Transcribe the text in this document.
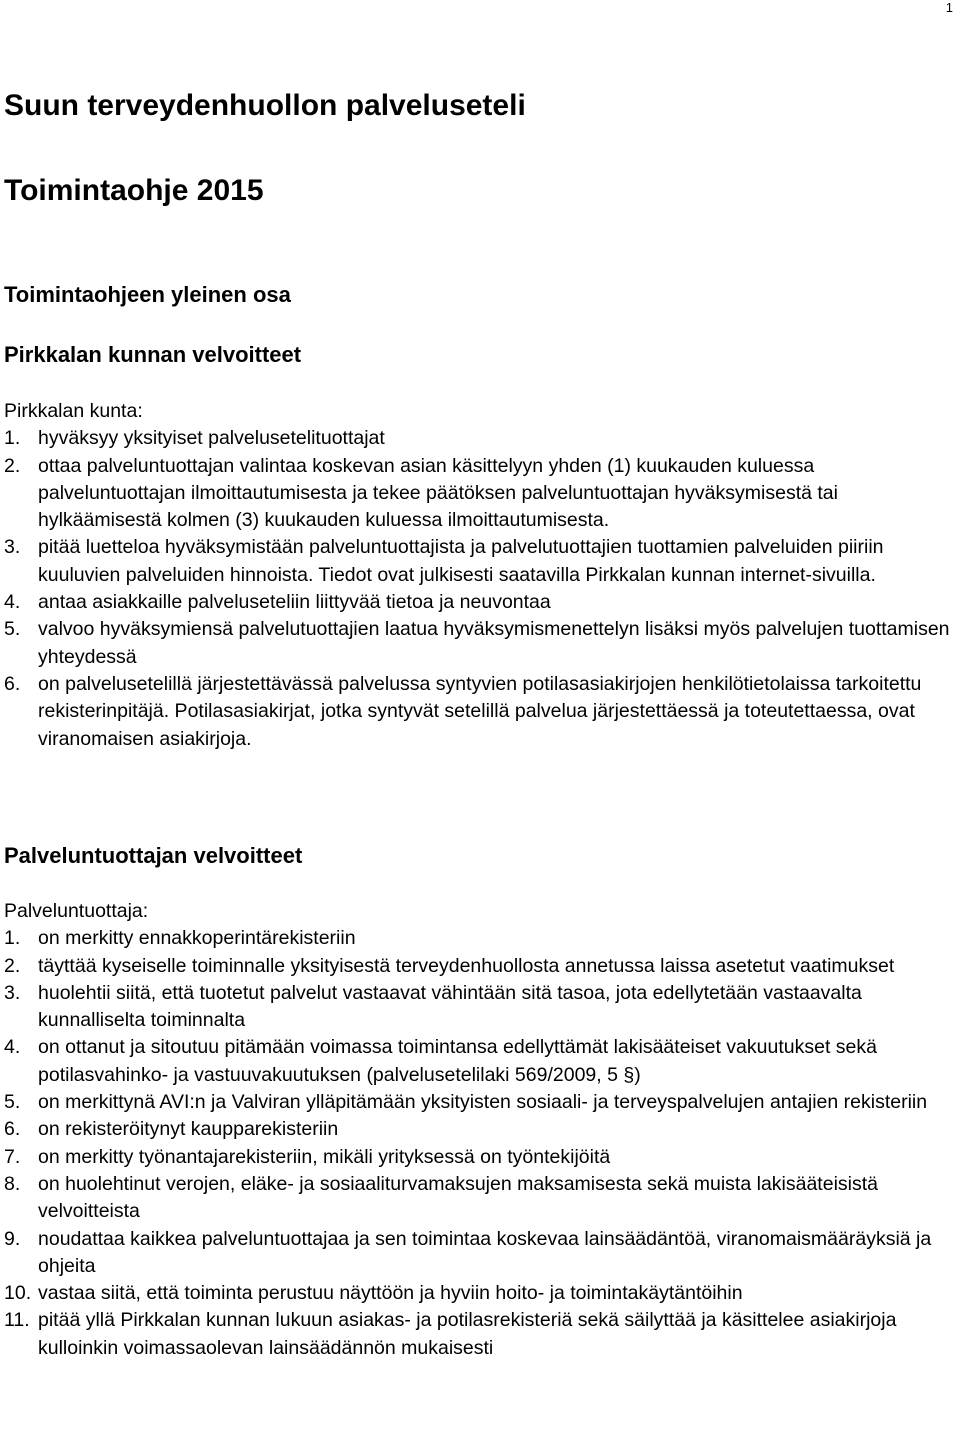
1
Suun terveydenhuollon palveluseteli
Toimintaohje 2015
Toimintaohjeen yleinen osa
Pirkkalan kunnan velvoitteet

Pirkkalan kunta:

1. hyväksyy yksityiset palvelusetelituottajat
2. ottaa palveluntuottajan valintaa koskevan asian käsittelyyn yhden (1) kuukauden kuluessa palveluntuottajan ilmoittautumisesta ja tekee päätöksen palveluntuottajan hyväksymisestä tai hylkäämisestä kolmen (3) kuukauden kuluessa ilmoittautumisesta.
3. pitää luetteloa hyväksymistään palveluntuottajista ja palvelutuottajien tuottamien palveluiden piiriin kuuluvien palveluiden hinnoista. Tiedot ovat julkisesti saatavilla Pirkkalan kunnan internet-sivuilla.
4. antaa asiakkaille palveluseteliin liittyvää tietoa ja neuvontaa
5. valvoo hyväksymiensä palvelutuottajien laatua hyväksymismenettelyn lisäksi myös palvelujen tuottamisen yhteydessä
6. on palvelusetelillä järjestettävässä palvelussa syntyvien potilasasiakirjojen henkilötietolaissa tarkoitettu rekisterinpitäjä. Potilasasiakirjat, jotka syntyvät setelillä palvelua järjestettäessä ja toteutettaessa, ovat viranomaisen asiakirjoja.
Palveluntuottajan velvoitteet

Palveluntuottaja:

1. on merkitty ennakkoperintärekisteriin
2. täyttää kyseiselle toiminnalle yksityisestä terveydenhuollosta annetussa laissa asetetut vaatimukset
3. huolehtii siitä, että tuotetut palvelut vastaavat vähintään sitä tasoa, jota edellytetään vastaavalta kunnalliselta toiminnalta
4. on ottanut ja sitoutuu pitämään voimassa toimintansa edellyttämät lakisääteiset vakuutukset sekä potilasvahinko- ja vastuuvakuutuksen (palvelusetelilaki 569/2009, 5 §)
5. on merkittynä AVI:n ja Valviran ylläpitämään yksityisten sosiaali- ja terveyspalvelujen antajien rekisteriin
6. on rekisteröitynyt kaupparekisteriin
7. on merkitty työnantajarekisteriin, mikäli yrityksessä on työntekijöitä
8. on huolehtinut verojen, eläke- ja sosiaaliturvamaksujen maksamisesta sekä muista lakisääteisistä velvoitteista
9. noudattaa kaikkea palveluntuottajaa ja sen toimintaa koskevaa lainsäädäntöä, viranomaismääräyksiä ja ohjeita
10. vastaa siitä, että toiminta perustuu näyttöön ja hyviin hoito- ja toimintakäytäntöihin
11. pitää yllä Pirkkalan kunnan lukuun asiakas- ja potilasrekisteriä sekä säilyttää ja käsittelee asiakirjoja kulloinkin voimassaolevan lainsäädännön mukaisesti
